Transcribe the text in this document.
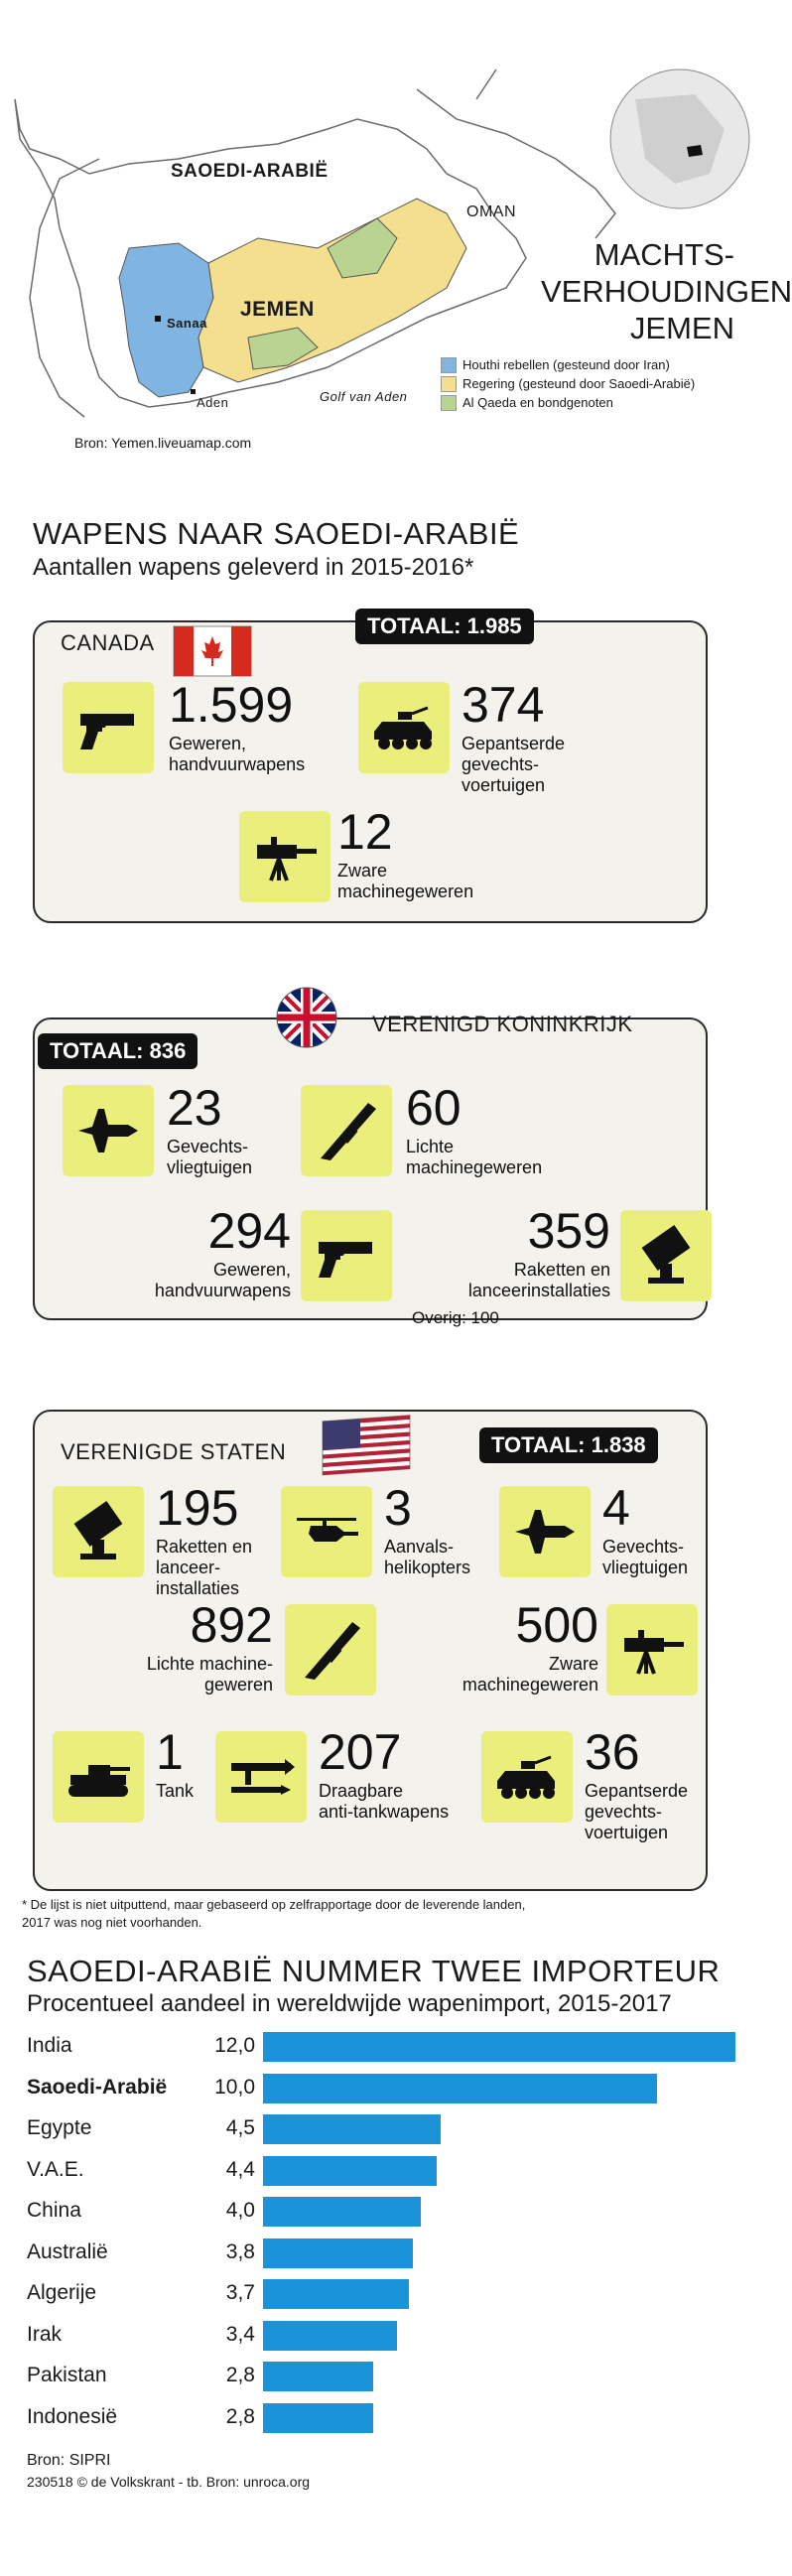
SAOEDI-ARABIË
OMAN
JEMEN
Sanaa
Aden	Golf van Aden
MACHTS-
VERHOUDINGEN
JEMEN
Houthi rebellen (gesteund door Iran)
Regering (gesteund door Saoedi-Arabië)
Al Qaeda en bondgenoten
Bron: Yemen.liveuamap.com
WAPENS NAAR SAOEDI-ARABIË
Aantallen wapens geleverd in 2015-2016*
CANADA
TOTAAL: 1.985
1.599
Geweren,
handvuurwapens
374
Gepantserde
gevechts-
voertuigen
12
Zware
machinegeweren
VERENIGD KONINKRIJK
TOTAAL: 836
23
Gevechts-
vliegtuigen
60
Lichte
machinegeweren
294
Geweren,
handvuurwapens
359
Raketten en
lanceerinstallaties
Overig: 100
VERENIGDE STATEN	TOTAAL: 1.838
195
Raketten en
lanceer-
installaties
3
Aanvals-
helikopters
4
Gevechts-
vliegtuigen
892
Lichte machine-
geweren
500
Zware
machinegeweren
1
Tank
207
Draagbare
anti-tankwapens
36
Gepantserde
gevechts-
voertuigen
* De lijst is niet uitputtend, maar gebaseerd op zelfrapportage door de leverende landen,
2017 was nog niet voorhanden.
SAOEDI-ARABIË NUMMER TWEE IMPORTEUR
Procentueel aandeel in wereldwijde wapenimport, 2015-2017
India	12,0
Saoedi-Arabië	10,0
Egypte	4,5
V.A.E.	4,4
China	4,0
Australië	3,8
Algerije	3,7
Irak	3,4
Pakistan	2,8
Indonesië	2,8
Bron: SIPRI
230518 © de Volkskrant - tb. Bron: unroca.org
